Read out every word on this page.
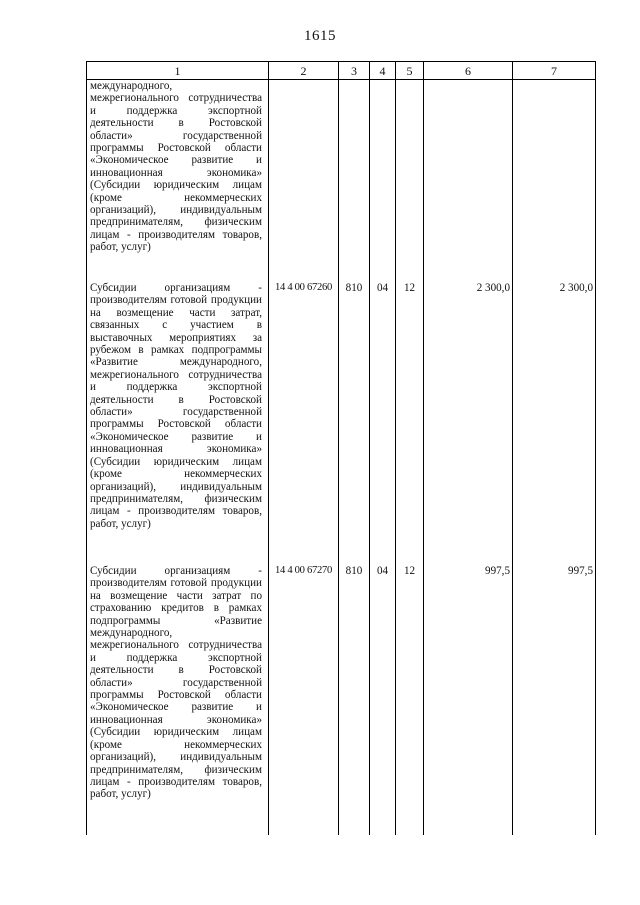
1615
1	2	3	4	5	6	7
международного, межрегионального сотрудничества и поддержка экспортной деятельности в Ростовской области» государственной программы Ростовской области «Экономическое развитие и инновационная экономика» (Субсидии юридическим лицам (кроме некоммерческих организаций), индивидуальным предпринимателям, физическим лицам - производителям товаров, работ, услуг)						
Субсидии организациям - производителям готовой продукции на возмещение части затрат, связанных с участием в выставочных мероприятиях за рубежом в рамках подпрограммы «Развитие международного, межрегионального сотрудничества и поддержка экспортной деятельности в Ростовской области» государственной программы Ростовской области «Экономическое развитие и инновационная экономика» (Субсидии юридическим лицам (кроме некоммерческих организаций), индивидуальным предпринимателям, физическим лицам - производителям товаров, работ, услуг)	14 4 00 67260	810	04	12	2 300,0	2 300,0
Субсидии организациям - производителям готовой продукции на возмещение части затрат по страхованию кредитов в рамках подпрограммы «Развитие международного, межрегионального сотрудничества и поддержка экспортной деятельности в Ростовской области» государственной программы Ростовской области «Экономическое развитие и инновационная экономика» (Субсидии юридическим лицам (кроме некоммерческих организаций), индивидуальным предпринимателям, физическим лицам - производителям товаров, работ, услуг)	14 4 00 67270	810	04	12	997,5	997,5
